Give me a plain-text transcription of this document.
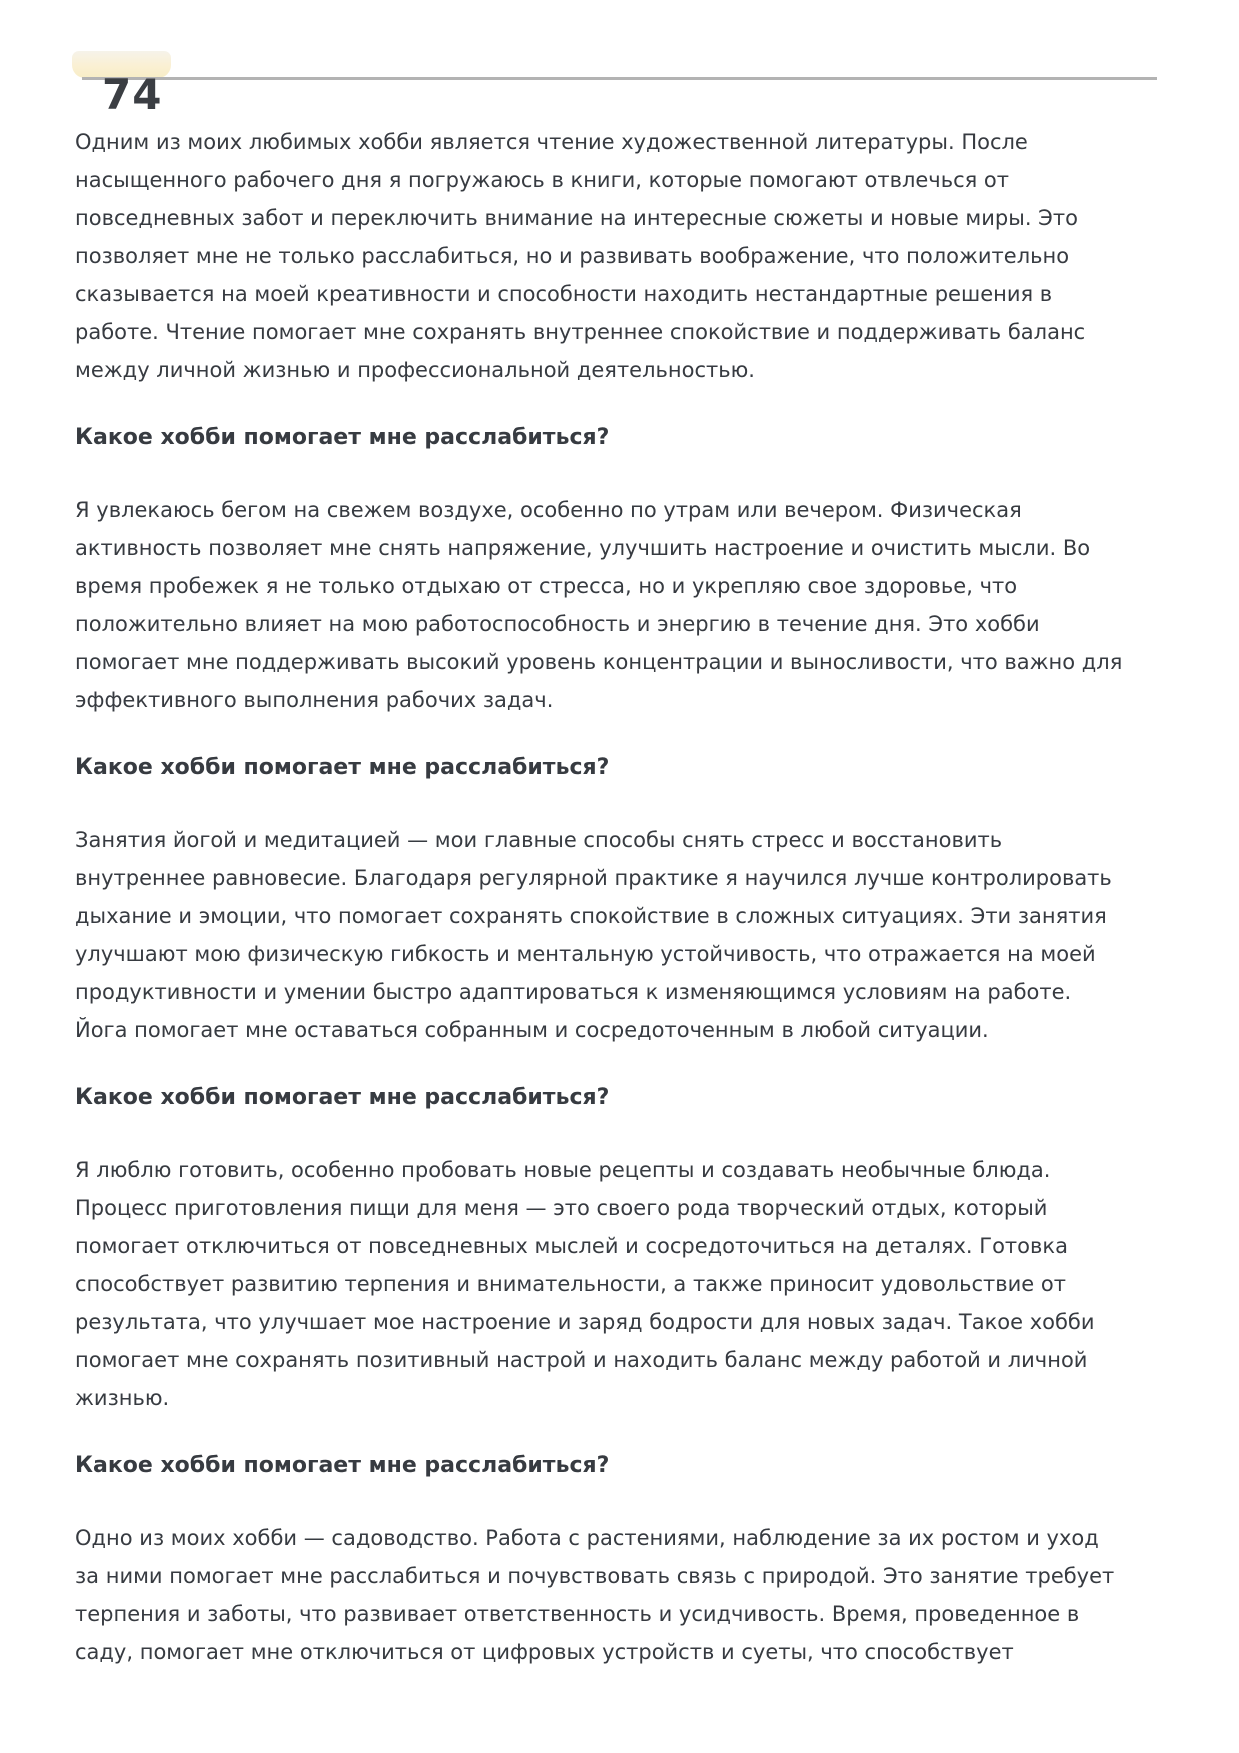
74

Одним из моих любимых хобби является чтение художественной литературы. После насыщенного рабочего дня я погружаюсь в книги, которые помогают отвлечься от повседневных забот и переключить внимание на интересные сюжеты и новые миры. Это позволяет мне не только расслабиться, но и развивать воображение, что положительно сказывается на моей креативности и способности находить нестандартные решения в работе. Чтение помогает мне сохранять внутреннее спокойствие и поддерживать баланс между личной жизнью и профессиональной деятельностью.

Какое хобби помогает мне расслабиться?

Я увлекаюсь бегом на свежем воздухе, особенно по утрам или вечером. Физическая активность позволяет мне снять напряжение, улучшить настроение и очистить мысли. Во время пробежек я не только отдыхаю от стресса, но и укрепляю свое здоровье, что положительно влияет на мою работоспособность и энергию в течение дня. Это хобби помогает мне поддерживать высокий уровень концентрации и выносливости, что важно для эффективного выполнения рабочих задач.

Какое хобби помогает мне расслабиться?

Занятия йогой и медитацией — мои главные способы снять стресс и восстановить внутреннее равновесие. Благодаря регулярной практике я научился лучше контролировать дыхание и эмоции, что помогает сохранять спокойствие в сложных ситуациях. Эти занятия улучшают мою физическую гибкость и ментальную устойчивость, что отражается на моей продуктивности и умении быстро адаптироваться к изменяющимся условиям на работе. Йога помогает мне оставаться собранным и сосредоточенным в любой ситуации.

Какое хобби помогает мне расслабиться?

Я люблю готовить, особенно пробовать новые рецепты и создавать необычные блюда. Процесс приготовления пищи для меня — это своего рода творческий отдых, который помогает отключиться от повседневных мыслей и сосредоточиться на деталях. Готовка способствует развитию терпения и внимательности, а также приносит удовольствие от результата, что улучшает мое настроение и заряд бодрости для новых задач. Такое хобби помогает мне сохранять позитивный настрой и находить баланс между работой и личной жизнью.

Какое хобби помогает мне расслабиться?

Одно из моих хобби — садоводство. Работа с растениями, наблюдение за их ростом и уход за ними помогает мне расслабиться и почувствовать связь с природой. Это занятие требует терпения и заботы, что развивает ответственность и усидчивость. Время, проведенное в саду, помогает мне отключиться от цифровых устройств и суеты, что способствует
